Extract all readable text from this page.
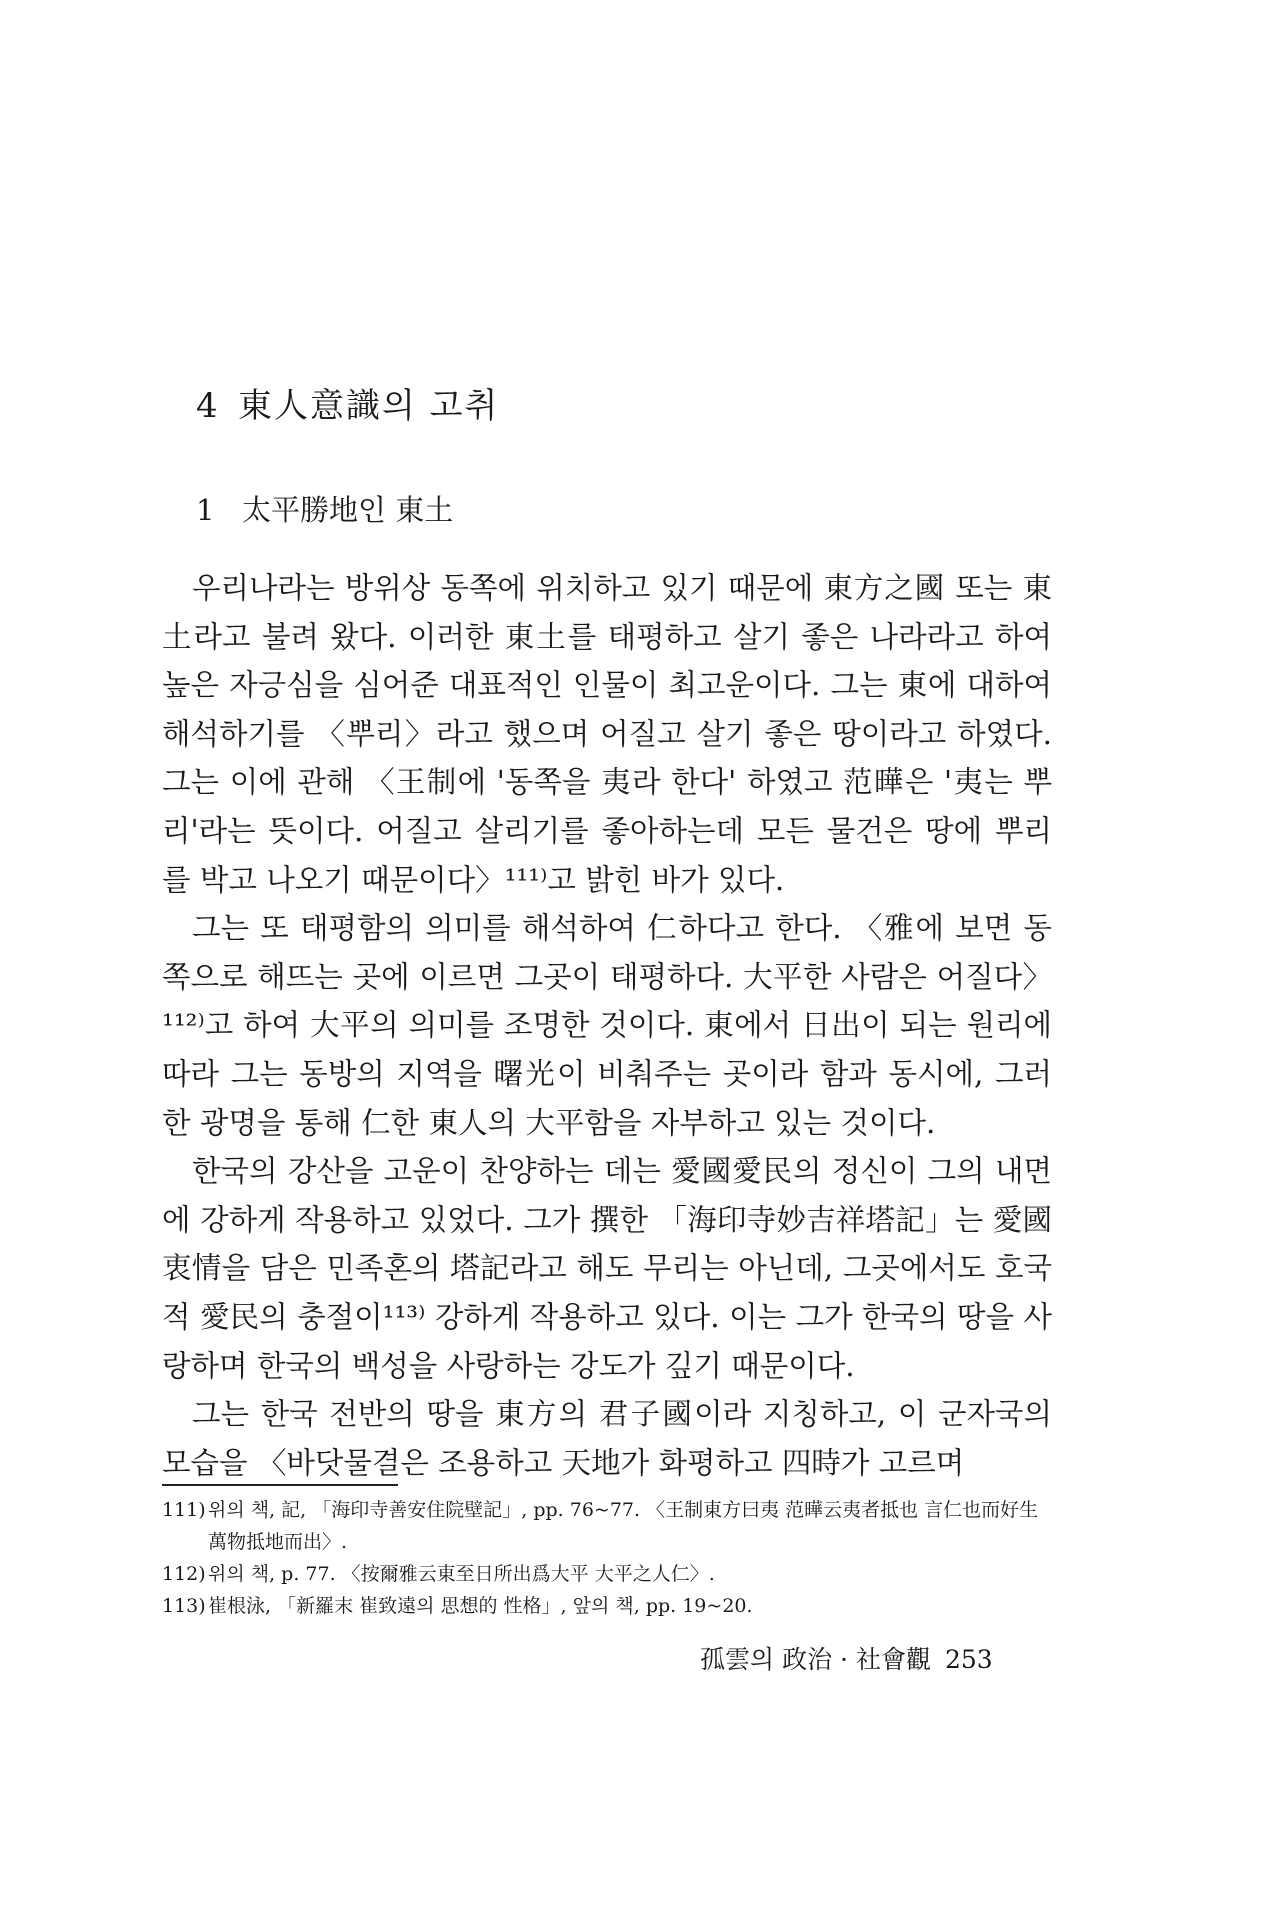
4 東人意識의 고취
1 太平勝地인 東土

우리나라는 방위상 동쪽에 위치하고 있기 때문에 東方之國 또는 東土라고 불려 왔다. 이러한 東土를 태평하고 살기 좋은 나라라고 하여 높은 자긍심을 심어준 대표적인 인물이 최고운이다. 그는 東에 대하여 해석하기를 〈뿌리〉라고 했으며 어질고 살기 좋은 땅이라고 하였다. 그는 이에 관해 〈王制에 '동쪽을 夷라 한다' 하였고 范曄은 '夷는 뿌리'라는 뜻이다. 어질고 살리기를 좋아하는데 모든 물건은 땅에 뿌리를 박고 나오기 때문이다〉¹¹¹⁾고 밝힌 바가 있다.

그는 또 태평함의 의미를 해석하여 仁하다고 한다. 〈雅에 보면 동쪽으로 해뜨는 곳에 이르면 그곳이 태평하다. 大平한 사람은 어질다〉¹¹²⁾고 하여 大平의 의미를 조명한 것이다. 東에서 日出이 되는 원리에 따라 그는 동방의 지역을 曙光이 비춰주는 곳이라 함과 동시에, 그러한 광명을 통해 仁한 東人의 大平함을 자부하고 있는 것이다.

한국의 강산을 고운이 찬양하는 데는 愛國愛民의 정신이 그의 내면에 강하게 작용하고 있었다. 그가 撰한 「海印寺妙吉祥塔記」는 愛國衷情을 담은 민족혼의 塔記라고 해도 무리는 아닌데, 그곳에서도 호국적 愛民의 충절이¹¹³⁾ 강하게 작용하고 있다. 이는 그가 한국의 땅을 사랑하며 한국의 백성을 사랑하는 강도가 깊기 때문이다.

그는 한국 전반의 땅을 東方의 君子國이라 지칭하고, 이 군자국의 모습을 〈바닷물결은 조용하고 天地가 화평하고 四時가 고르며

111) 위의 책, 記, 「海印寺善安住院壁記」, pp. 76~77. 〈王制東方曰夷 范曄云夷者抵也 言仁也而好生 萬物抵地而出〉.
112) 위의 책, p. 77. 〈按爾雅云東至日所出爲大平 大平之人仁〉.
113) 崔根泳, 「新羅末 崔致遠의 思想的 性格」, 앞의 책, pp. 19~20.
孤雲의 政治 · 社會觀 253
